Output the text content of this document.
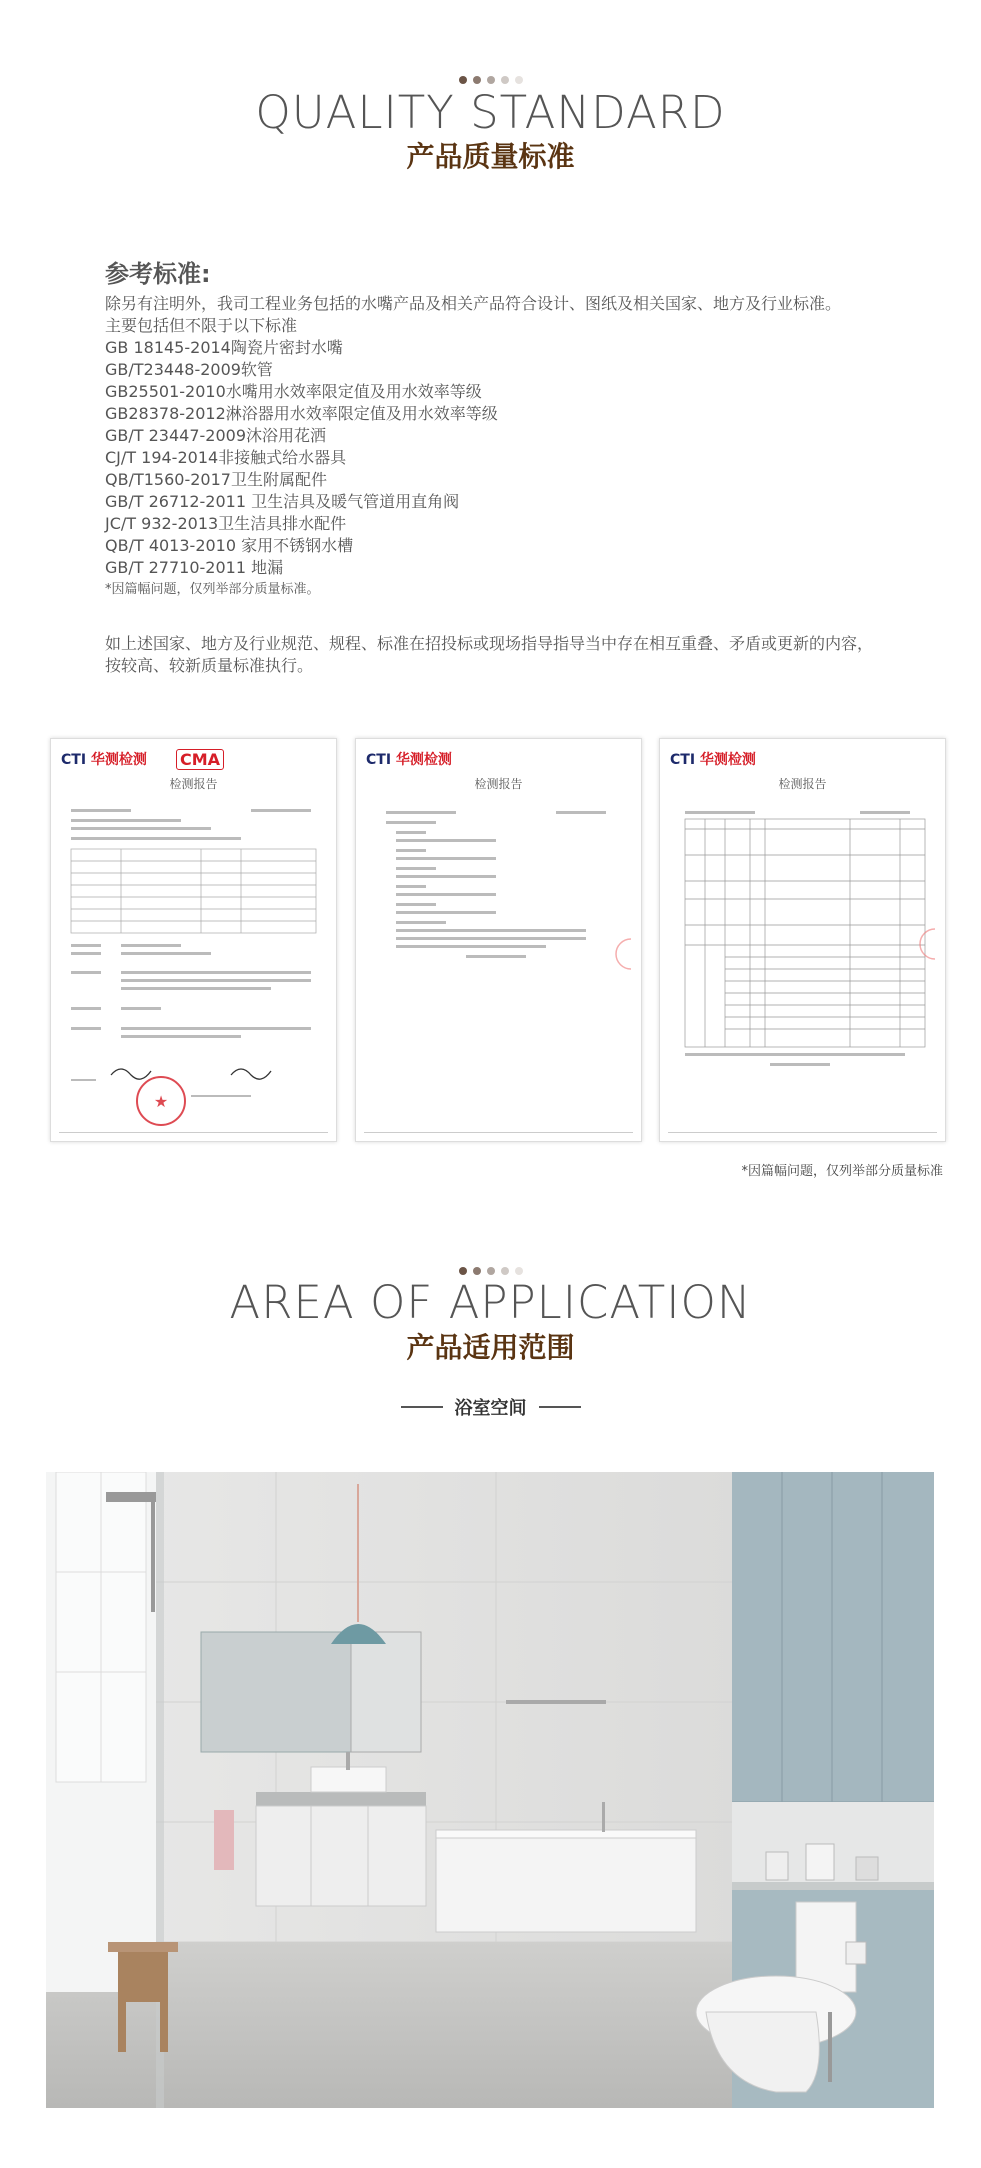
QUALITY STANDARD
产品质量标准
参考标准:
除另有注明外，我司工程业务包括的水嘴产品及相关产品符合设计、图纸及相关国家、地方及行业标准。
主要包括但不限于以下标准
GB 18145-2014陶瓷片密封水嘴
GB/T23448-2009软管
GB25501-2010水嘴用水效率限定值及用水效率等级
GB28378-2012淋浴器用水效率限定值及用水效率等级
GB/T 23447-2009沐浴用花洒
CJ/T 194-2014非接触式给水器具
QB/T1560-2017卫生附属配件
GB/T 26712-2011 卫生洁具及暖气管道用直角阀
JC/T 932-2013卫生洁具排水配件
QB/T 4013-2010 家用不锈钢水槽
GB/T 27710-2011 地漏
*因篇幅问题，仅列举部分质量标准。
如上述国家、地方及行业规范、规程、标准在招投标或现场指导指导当中存在相互重叠、矛盾或更新的内容，
按较高、较新质量标准执行。
CTI 华测检测 CMA
检测报告
★
CTI 华测检测
检测报告
CTI 华测检测
检测报告
*因篇幅问题，仅列举部分质量标准
AREA OF APPLICATION
产品适用范围
浴室空间
